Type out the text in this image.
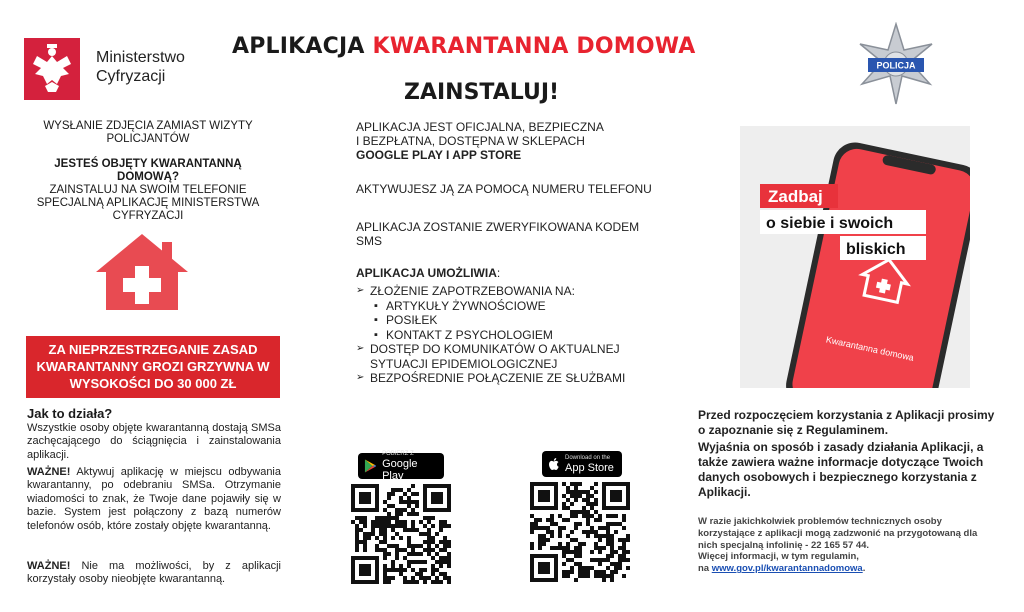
Ministerstwo
Cyfryzacji
APLIKACJA KWARANTANNA DOMOWA
ZAINSTALUJ!
POLICJA
WYSŁANIE ZDJĘCIA ZAMIAST WIZYTY POLICJANTÓW
JESTEŚ OBJĘTY KWARANTANNĄ DOMOWĄ?
ZAINSTALUJ NA SWOIM TELEFONIE SPECJALNĄ APLIKACJĘ MINISTERSTWA CYFRYZACJI
ZA NIEPRZESTRZEGANIE ZASAD KWARANTANNY GROZI GRZYWNA W WYSOKOŚCI DO 30 000 ZŁ
Jak to działa?
Wszystkie osoby objęte kwarantanną dostają SMSa zachęcającego do ściągnięcia i zainstalowania aplikacji.
WAŻNE! Aktywuj aplikację w miejscu odbywania kwarantanny, po odebraniu SMSa. Otrzymanie wiadomości to znak, że Twoje dane pojawiły się w bazie. System jest połączony z bazą numerów telefonów osób, które zostały objęte kwarantanną.
WAŻNE! Nie ma możliwości, by z aplikacji korzystały osoby nieobjęte kwarantanną.
APLIKACJA JEST OFICJALNA, BEZPIECZNA
I BEZPŁATNA, DOSTĘPNA W SKLEPACH
GOOGLE PLAY I APP STORE
AKTYWUJESZ JĄ ZA POMOCĄ NUMERU TELEFONU
APLIKACJA ZOSTANIE ZWERYFIKOWANA KODEM SMS
APLIKACJA UMOŻLIWIA:
➢ ZŁOŻENIE ZAPOTRZEBOWANIA NA:
▪ ARTYKUŁY ŻYWNOŚCIOWE
▪ POSIŁEK
▪ KONTAKT Z PSYCHOLOGIEM
➢ DOSTĘP DO KOMUNIKATÓW O AKTUALNEJ SYTUACJI EPIDEMIOLOGICZNEJ
➢ BEZPOŚREDNIE POŁĄCZENIE ZE SŁUŻBAMI
POBIERZ Z
Google Play
Download on the
App Store
Kwarantanna domowa
Zadbaj
o siebie i swoich
bliskich
Przed rozpoczęciem korzystania z Aplikacji prosimy o zapoznanie się z Regulaminem.
Wyjaśnia on sposób i zasady działania Aplikacji, a także zawiera ważne informacje dotyczące Twoich danych osobowych i bezpiecznego korzystania z Aplikacji.
W razie jakichkolwiek problemów technicznych osoby korzystające z aplikacji mogą zadzwonić na przygotowaną dla nich specjalną infolinię - 22 165 57 44.
Więcej informacji, w tym regulamin,
na www.gov.pl/kwarantannadomowa.
